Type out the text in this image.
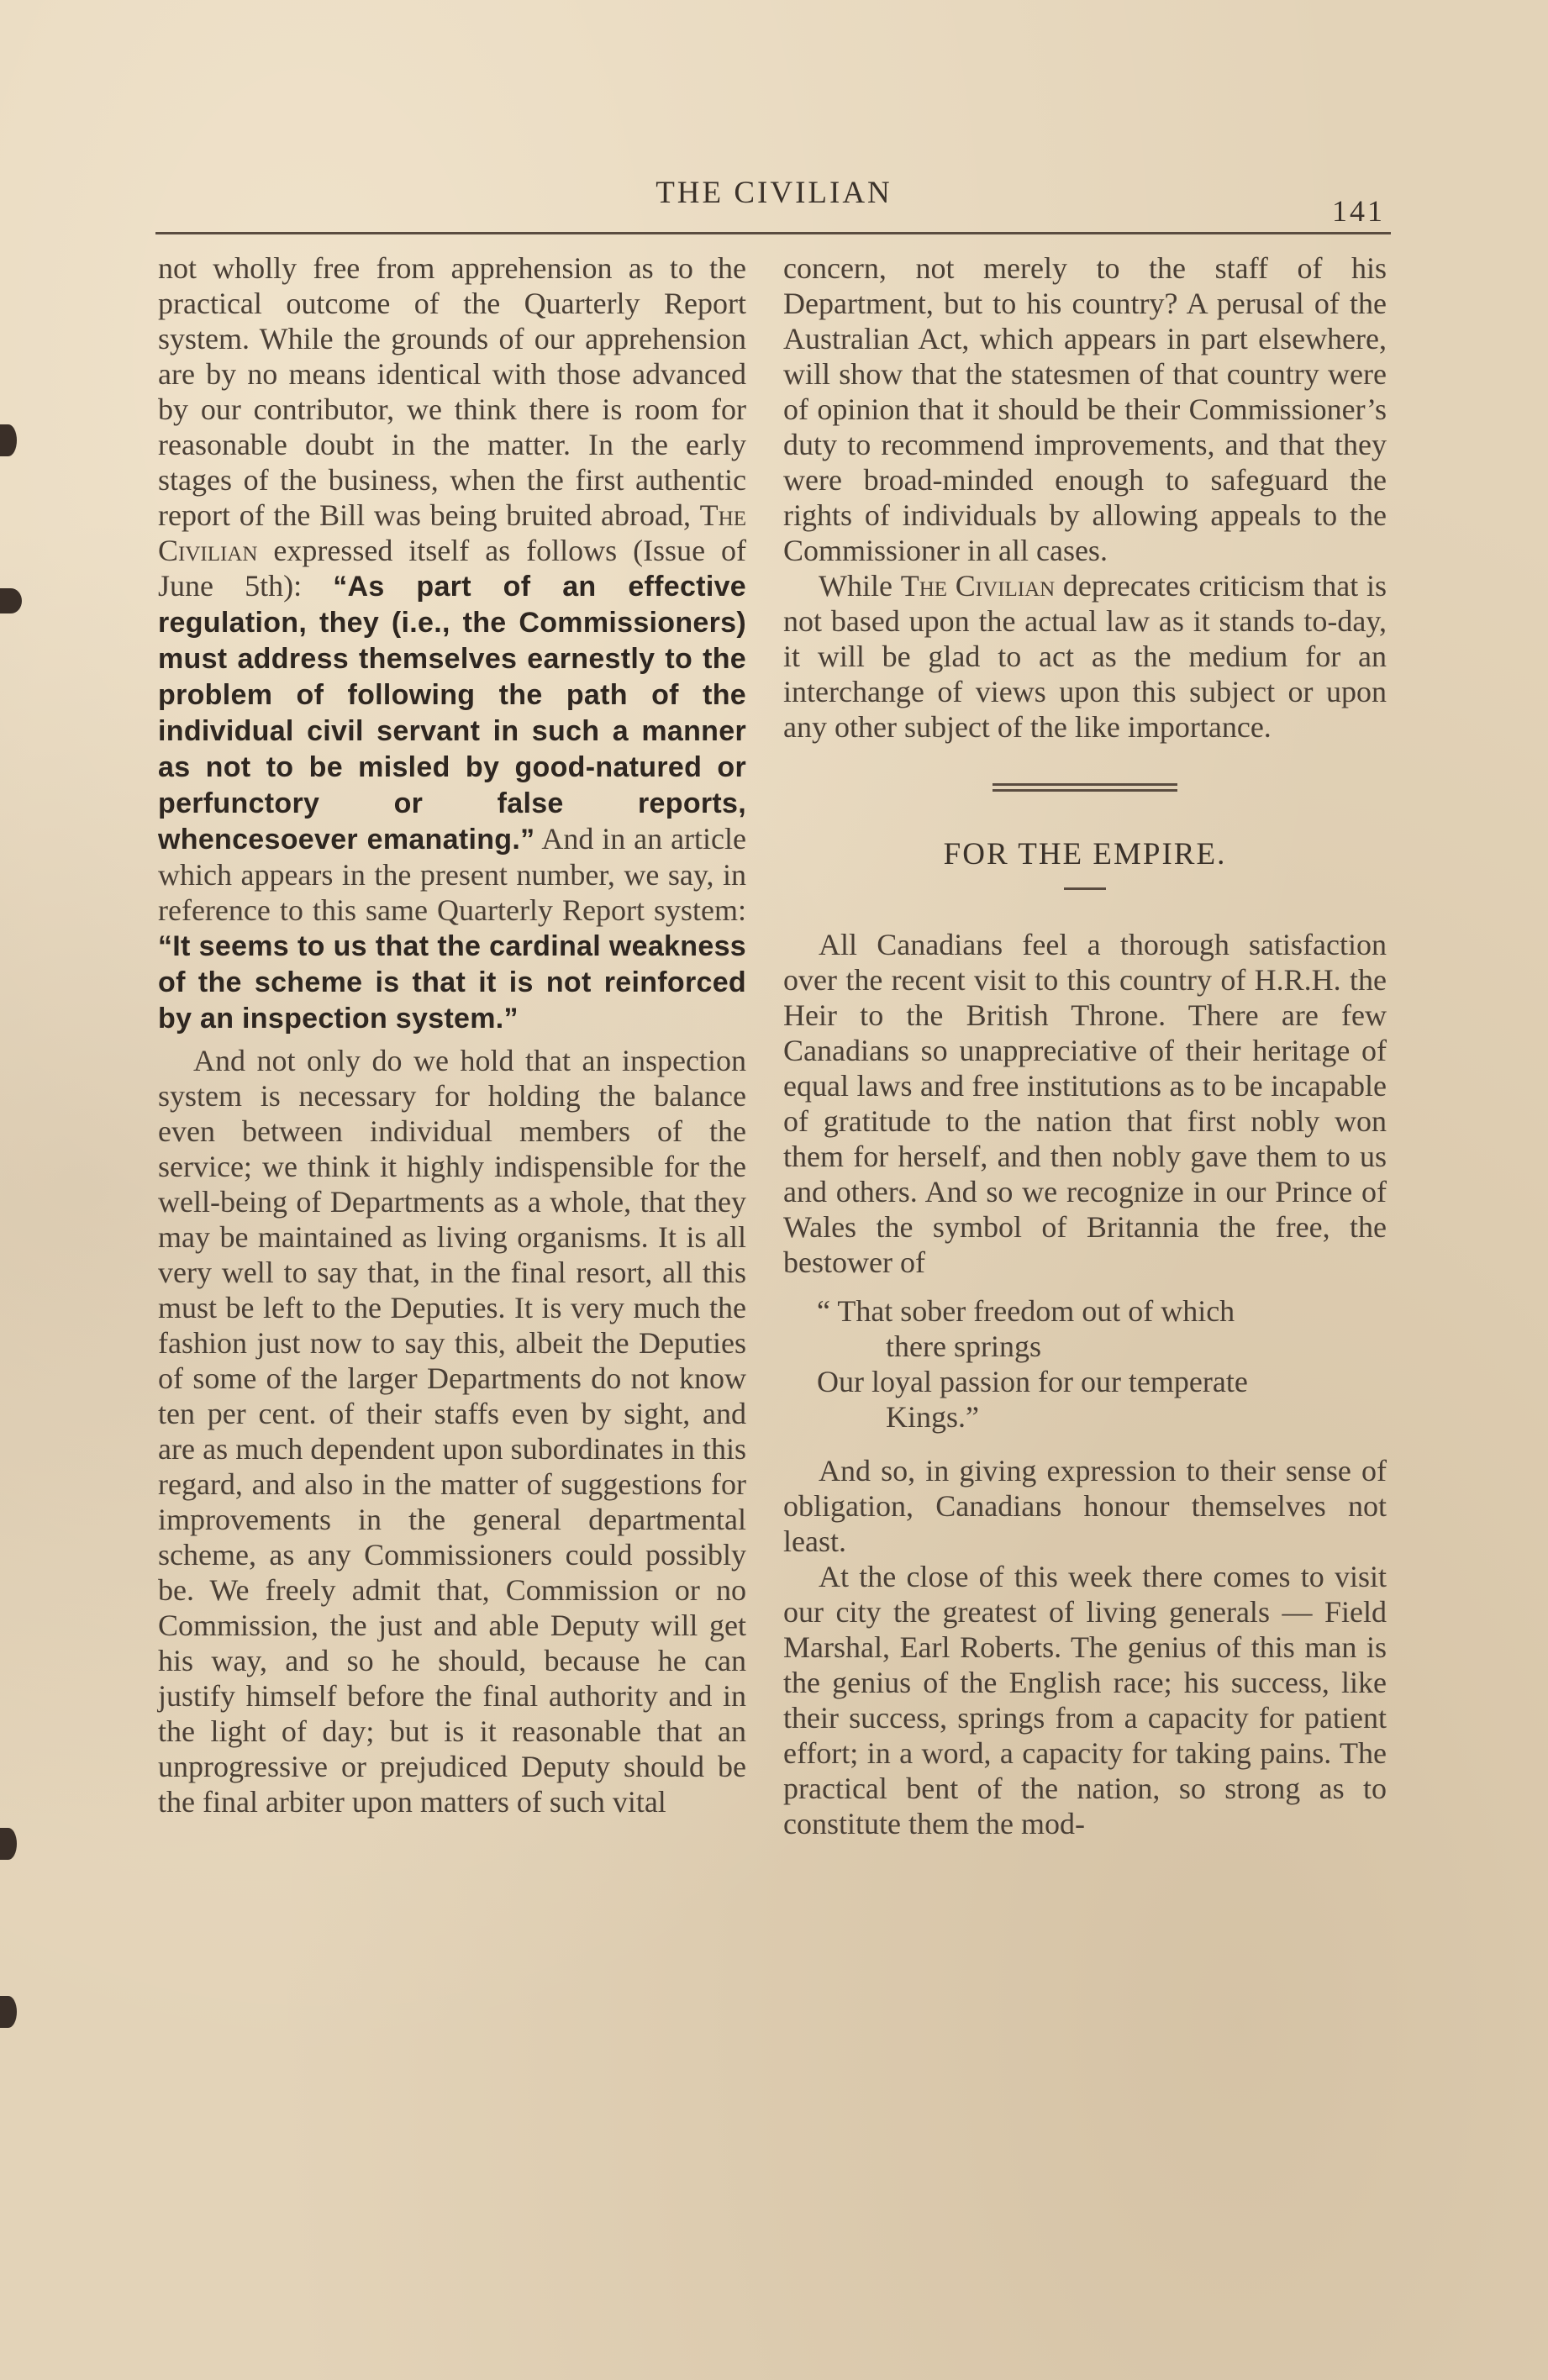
THE CIVILIAN
141

not wholly free from apprehension as to the practical outcome of the Quarterly Report system. While the grounds of our apprehension are by no means identical with those advanced by our contributor, we think there is room for reasonable doubt in the matter. In the early stages of the business, when the first authentic report of the Bill was being bruited abroad, The Civilian expressed itself as follows (Issue of June 5th): “As part of an effective regulation, they (i.e., the Commissioners) must address themselves earnestly to the problem of following the path of the individual civil servant in such a manner as not to be misled by good-natured or perfunctory or false reports, whencesoever emanating.” And in an article which appears in the present number, we say, in reference to this same Quarterly Report system: “It seems to us that the cardinal weakness of the scheme is that it is not reinforced by an inspection system.”

And not only do we hold that an inspection system is necessary for holding the balance even between individual members of the service; we think it highly indispensible for the well-being of Departments as a whole, that they may be maintained as living organisms. It is all very well to say that, in the final resort, all this must be left to the Deputies. It is very much the fashion just now to say this, albeit the Deputies of some of the larger Departments do not know ten per cent. of their staffs even by sight, and are as much dependent upon subordinates in this regard, and also in the matter of suggestions for improvements in the general departmental scheme, as any Commissioners could possibly be. We freely admit that, Commission or no Commission, the just and able Deputy will get his way, and so he should, because he can justify himself before the final authority and in the light of day; but is it reasonable that an unprogressive or prejudiced Deputy should be the final arbiter upon matters of such vital

concern, not merely to the staff of his Department, but to his country? A perusal of the Australian Act, which appears in part elsewhere, will show that the statesmen of that country were of opinion that it should be their Commissioner’s duty to recommend improvements, and that they were broad-minded enough to safeguard the rights of individuals by allowing appeals to the Commissioner in all cases.

While The Civilian deprecates criticism that is not based upon the actual law as it stands to-day, it will be glad to act as the medium for an interchange of views upon this subject or upon any other subject of the like importance.

FOR THE EMPIRE.

All Canadians feel a thorough satisfaction over the recent visit to this country of H.R.H. the Heir to the British Throne. There are few Canadians so unappreciative of their heritage of equal laws and free institutions as to be incapable of gratitude to the nation that first nobly won them for herself, and then nobly gave them to us and others. And so we recognize in our Prince of Wales the symbol of Britannia the free, the bestower of

“ That sober freedom out of which

there springs

Our loyal passion for our temperate

Kings.”

And so, in giving expression to their sense of obligation, Canadians honour themselves not least.

At the close of this week there comes to visit our city the greatest of living generals — Field Marshal, Earl Roberts. The genius of this man is the genius of the English race; his success, like their success, springs from a capacity for patient effort; in a word, a capacity for taking pains. The practical bent of the nation, so strong as to constitute them the mod-
